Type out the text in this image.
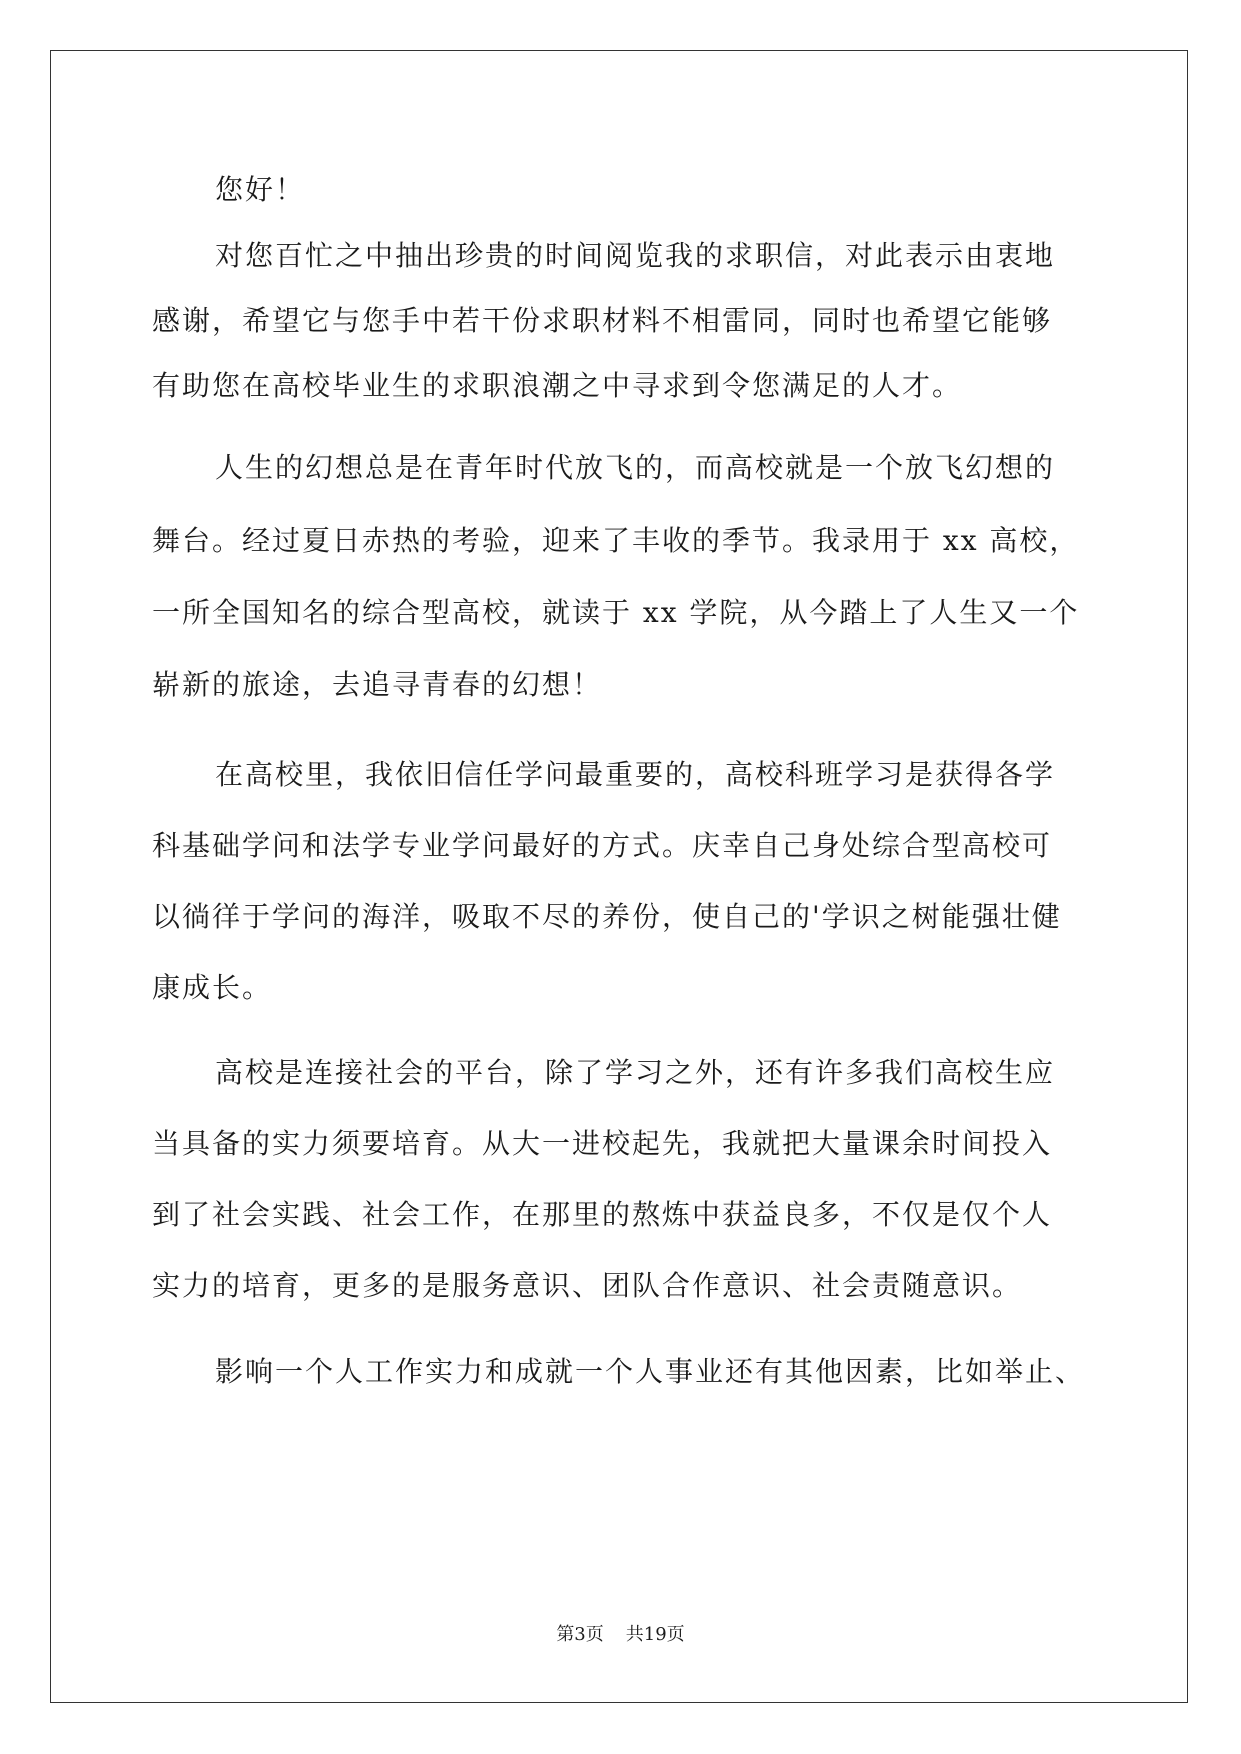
您好！

对您百忙之中抽出珍贵的时间阅览我的求职信，对此表示由衷地

感谢，希望它与您手中若干份求职材料不相雷同，同时也希望它能够

有助您在高校毕业生的求职浪潮之中寻求到令您满足的人才。

人生的幻想总是在青年时代放飞的，而高校就是一个放飞幻想的

舞台。经过夏日赤热的考验，迎来了丰收的季节。我录用于 xx 高校，

一所全国知名的综合型高校，就读于 xx 学院，从今踏上了人生又一个

崭新的旅途，去追寻青春的幻想！

在高校里，我依旧信任学问最重要的，高校科班学习是获得各学

科基础学问和法学专业学问最好的方式。庆幸自己身处综合型高校可

以徜徉于学问的海洋，吸取不尽的养份，使自己的'学识之树能强壮健

康成长。

高校是连接社会的平台，除了学习之外，还有许多我们高校生应

当具备的实力须要培育。从大一进校起先，我就把大量课余时间投入

到了社会实践、社会工作，在那里的熬炼中获益良多，不仅是仅个人

实力的培育，更多的是服务意识、团队合作意识、社会责随意识。

影响一个人工作实力和成就一个人事业还有其他因素，比如举止、

第3页 共19页
